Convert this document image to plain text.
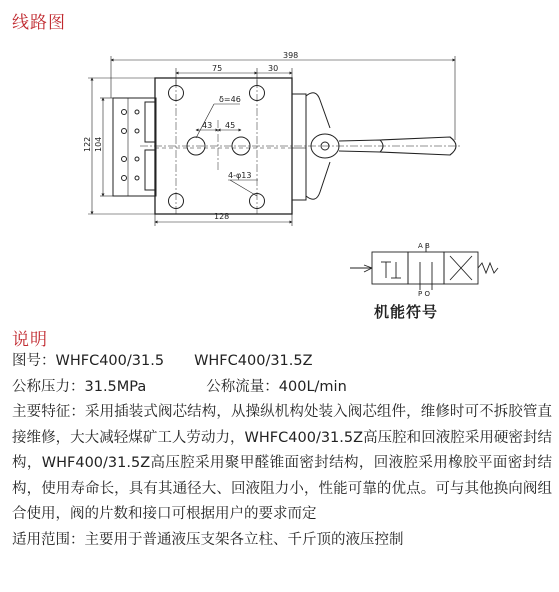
线路图
398
75	30
δ=46
43 45
4-φ13
128
122 104
A B
P O
机能符号
说明
图号：WHFC400/31.5 WHFC400/31.5Z
公称压力：31.5MPa	公称流量：400L/min
主要特征：采用插装式阀芯结构，从操纵机构处装入阀芯组件，维修时可不拆胶管直接维修，大大减轻煤矿工人劳动力，WHFC400/31.5Z高压腔和回液腔采用硬密封结构，WHF400/31.5Z高压腔采用聚甲醛锥面密封结构，回液腔采用橡胶平面密封结构，使用寿命长，具有其通径大、回液阻力小，性能可靠的优点。可与其他换向阀组合使用，阀的片数和接口可根据用户的要求而定
适用范围：主要用于普通液压支架各立柱、千斤顶的液压控制
